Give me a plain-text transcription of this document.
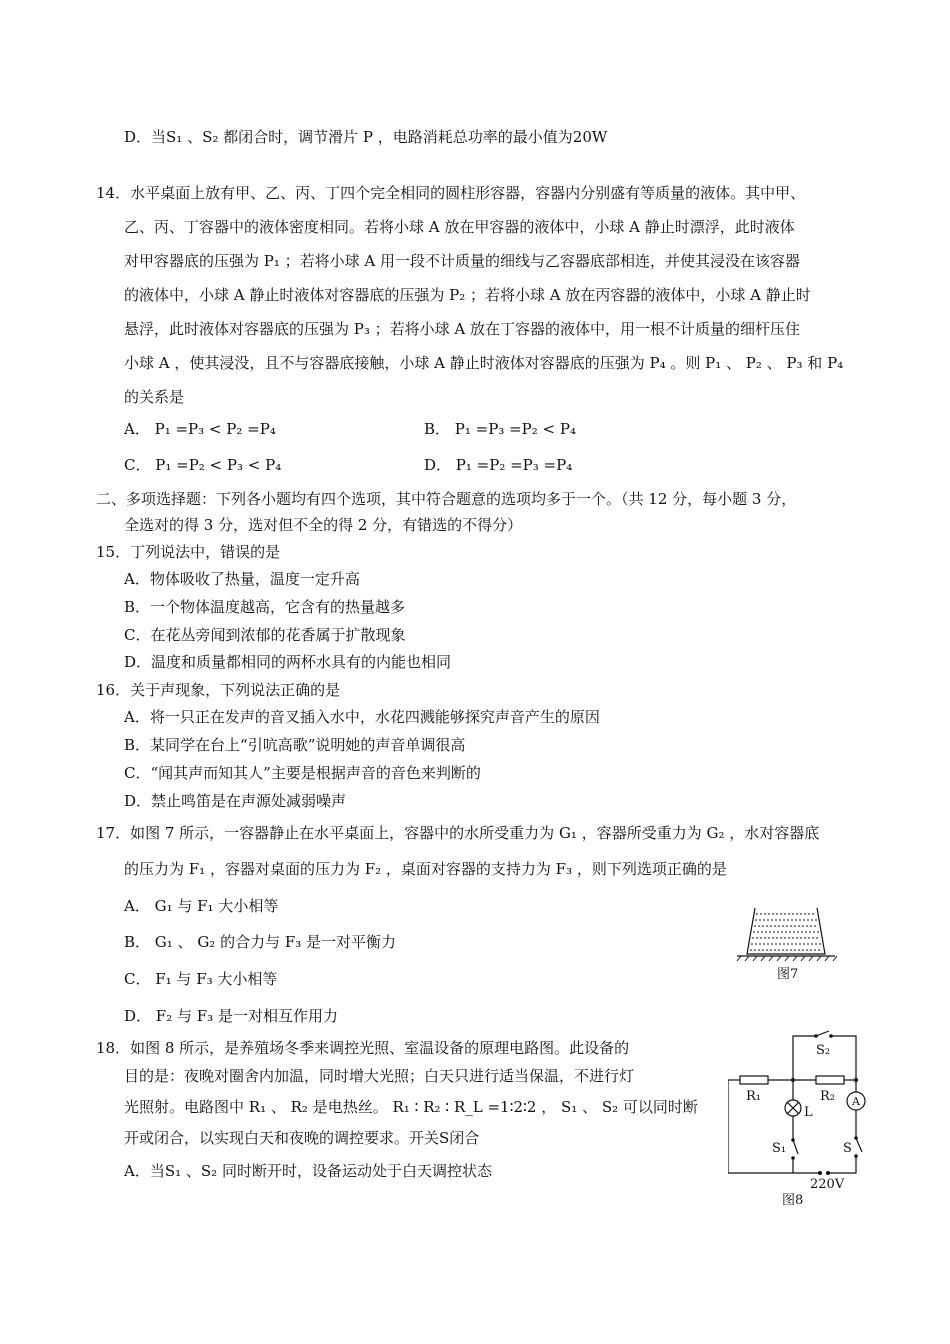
D．当S₁ 、S₂ 都闭合时，调节滑片 P ，电路消耗总功率的最小值为20W
14．水平桌面上放有甲、乙、丙、丁四个完全相同的圆柱形容器，容器内分别盛有等质量的液体。其中甲、
乙、丙、丁容器中的液体密度相同。若将小球 A 放在甲容器的液体中，小球 A 静止时漂浮，此时液体
对甲容器底的压强为 P₁ ；若将小球 A 用一段不计质量的细线与乙容器底部相连，并使其浸没在该容器
的液体中，小球 A 静止时液体对容器底的压强为 P₂ ；若将小球 A 放在丙容器的液体中，小球 A 静止时
悬浮，此时液体对容器底的压强为 P₃ ；若将小球 A 放在丁容器的液体中，用一根不计质量的细杆压住
小球 A ，使其浸没，且不与容器底接触，小球 A 静止时液体对容器底的压强为 P₄ 。则 P₁ 、 P₂ 、 P₃ 和 P₄
的关系是
A． P₁ =P₃ < P₂ =P₄	B． P₁ =P₃ =P₂ < P₄
C． P₁ =P₂ < P₃ < P₄	D． P₁ =P₂ =P₃ =P₄
二、多项选择题：下列各小题均有四个选项，其中符合题意的选项均多于一个。（共 12 分，每小题 3 分，
全选对的得 3 分，选对但不全的得 2 分，有错选的不得分）
15．丁列说法中，错误的是
A．物体吸收了热量，温度一定升高
B．一个物体温度越高，它含有的热量越多
C．在花丛旁闻到浓郁的花香属于扩散现象
D．温度和质量都相同的两杯水具有的内能也相同
16．关于声现象，下列说法正确的是
A．将一只正在发声的音叉插入水中，水花四溅能够探究声音产生的原因
B．某同学在台上“引吭高歌”说明她的声音单调很高
C．“闻其声而知其人”主要是根据声音的音色来判断的
D．禁止鸣笛是在声源处减弱噪声
17．如图 7 所示，一容器静止在水平桌面上，容器中的水所受重力为 G₁ ，容器所受重力为 G₂ ，水对容器底
的压力为 F₁ ，容器对桌面的压力为 F₂ ，桌面对容器的支持力为 F₃ ，则下列选项正确的是
A． G₁ 与 F₁ 大小相等
B． G₁ 、 G₂ 的合力与 F₃ 是一对平衡力
C． F₁ 与 F₃ 大小相等
D． F₂ 与 F₃ 是一对相互作用力
图7
18．如图 8 所示，是养殖场冬季来调控光照、室温设备的原理电路图。此设备的
目的是：夜晚对圈舍内加温，同时增大光照；白天只进行适当保温，不进行灯
光照射。电路图中 R₁ 、 R₂ 是电热丝。 R₁ ∶ R₂ ∶ R_L =1∶2∶2 ， S₁ 、 S₂ 可以同时断
开或闭合，以实现白天和夜晚的调控要求。开关S闭合
A．当S₁ 、S₂ 同时断开时，设备运动处于白天调控状态
S₂
R₁	R₂
L
A
S₁	S
220V
图8
